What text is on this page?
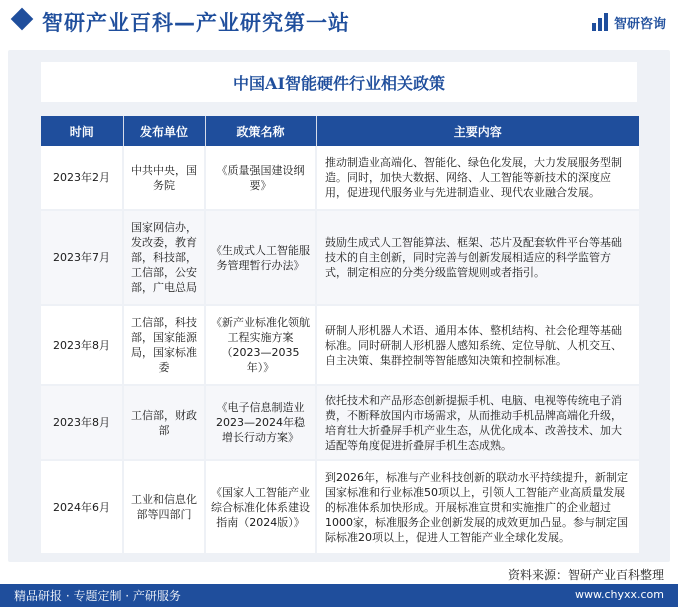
智研产业百科—产业研究第一站	智研咨询
中国AI智能硬件行业相关政策
时间	发布单位	政策名称	主要内容
2023年2月	中共中央，国务院	《质量强国建设纲要》	推动制造业高端化、智能化、绿色化发展，大力发展服务型制造。同时，加快大数据、网络、人工智能等新技术的深度应用，促进现代服务业与先进制造业、现代农业融合发展。
2023年7月	国家网信办，发改委，教育部，科技部，工信部，公安部，广电总局	《生成式人工智能服务管理暂行办法》	鼓励生成式人工智能算法、框架、芯片及配套软件平台等基础技术的自主创新，同时完善与创新发展相适应的科学监管方式，制定相应的分类分级监管规则或者指引。
2023年8月	工信部，科技部，国家能源局，国家标准委	《新产业标准化领航工程实施方案（2023—2035年）》	研制人形机器人术语、通用本体、整机结构、社会伦理等基础标准。同时研制人形机器人感知系统、定位导航、人机交互、自主决策、集群控制等智能感知决策和控制标准。
2023年8月	工信部，财政部	《电子信息制造业2023—2024年稳增长行动方案》	依托技术和产品形态创新提振手机、电脑、电视等传统电子消费，不断释放国内市场需求，从而推动手机品牌高端化升级，培育壮大折叠屏手机产业生态，从优化成本、改善技术、加大适配等角度促进折叠屏手机生态成熟。
2024年6月	工业和信息化部等四部门	《国家人工智能产业综合标准化体系建设指南（2024版）》	到2026年，标准与产业科技创新的联动水平持续提升，新制定国家标准和行业标准50项以上，引领人工智能产业高质量发展的标准体系加快形成。开展标准宣贯和实施推广的企业超过1000家，标准服务企业创新发展的成效更加凸显。参与制定国际标准20项以上，促进人工智能产业全球化发展。
资料来源：智研产业百科整理
精品研报 · 专题定制 · 产研服务	www.chyxx.com
